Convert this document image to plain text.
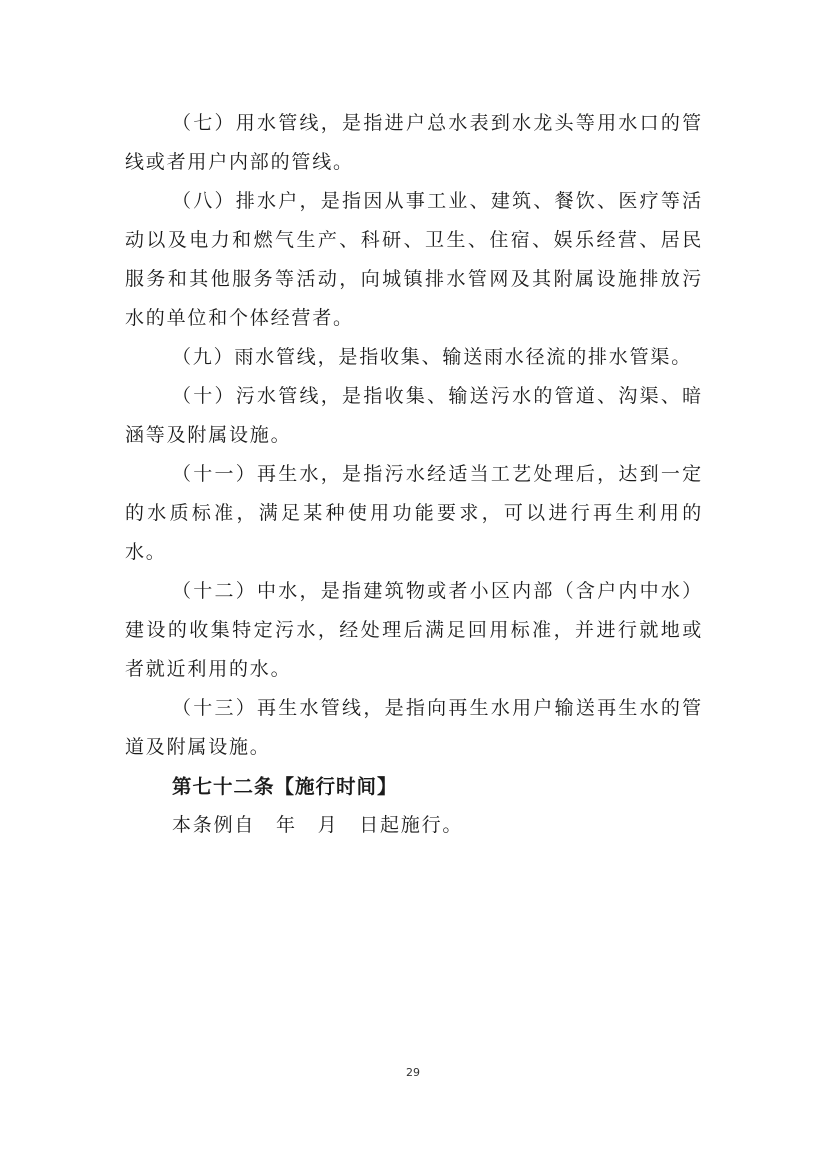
（七）用水管线，是指进户总水表到水龙头等用水口的管线或者用户内部的管线。

（八）排水户，是指因从事工业、建筑、餐饮、医疗等活动以及电力和燃气生产、科研、卫生、住宿、娱乐经营、居民服务和其他服务等活动，向城镇排水管网及其附属设施排放污水的单位和个体经营者。

（九）雨水管线，是指收集、输送雨水径流的排水管渠。

（十）污水管线，是指收集、输送污水的管道、沟渠、暗涵等及附属设施。

（十一）再生水，是指污水经适当工艺处理后，达到一定的水质标准，满足某种使用功能要求，可以进行再生利用的水。

（十二）中水，是指建筑物或者小区内部（含户内中水）建设的收集特定污水，经处理后满足回用标准，并进行就地或者就近利用的水。

（十三）再生水管线，是指向再生水用户输送再生水的管道及附属设施。

第七十二条【施行时间】

本条例自　年　月　日起施行。

29
